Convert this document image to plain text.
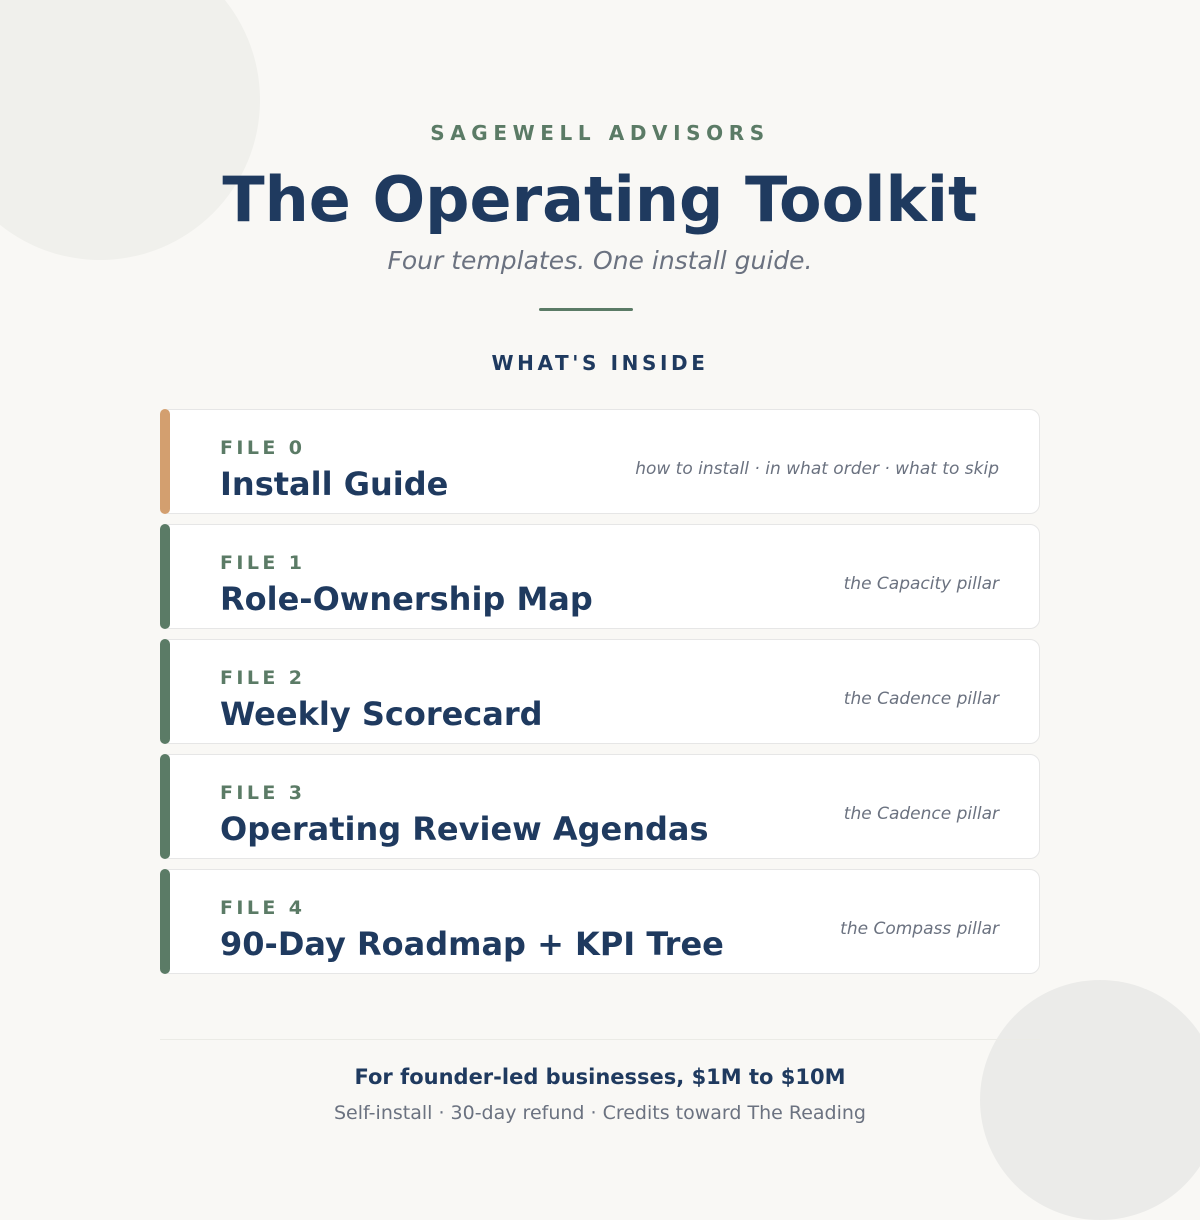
SAGEWELL ADVISORS
The Operating Toolkit
Four templates. One install guide.
WHAT'S INSIDE
FILE 0
Install Guide	how to install · in what order · what to skip
FILE 1
Role-Ownership Map	the Capacity pillar
FILE 2
Weekly Scorecard	the Cadence pillar
FILE 3
Operating Review Agendas	the Cadence pillar
FILE 4
90-Day Roadmap + KPI Tree	the Compass pillar
For founder-led businesses, $1M to $10M
Self-install · 30-day refund · Credits toward The Reading
